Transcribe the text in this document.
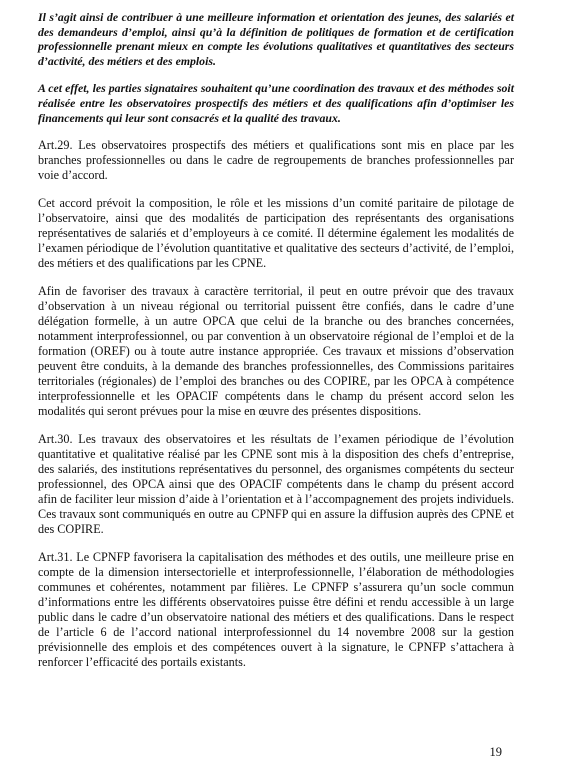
Il s’agit ainsi de contribuer à une meilleure information et orientation des jeunes, des salariés et des demandeurs d’emploi, ainsi qu’à la définition de politiques de formation et de certification professionnelle prenant mieux en compte les évolutions qualitatives et quantitatives des secteurs d’activité, des métiers et des emplois.

A cet effet, les parties signataires souhaitent qu’une coordination des travaux et des méthodes soit réalisée entre les observatoires prospectifs des métiers et des qualifications afin d’optimiser les financements qui leur sont consacrés et la qualité des travaux.

Art.29. Les observatoires prospectifs des métiers et qualifications sont mis en place par les branches professionnelles ou dans le cadre de regroupements de branches professionnelles par voie d’accord.

Cet accord prévoit la composition, le rôle et les missions d’un comité paritaire de pilotage de l’observatoire, ainsi que des modalités de participation des représentants des organisations représentatives de salariés et d’employeurs à ce comité. Il détermine également les modalités de l’examen périodique de l’évolution quantitative et qualitative des secteurs d’activité, de l’emploi, des métiers et des qualifications par les CPNE.

Afin de favoriser des travaux à caractère territorial, il peut en outre prévoir que des travaux d’observation à un niveau régional ou territorial puissent être confiés, dans le cadre d’une délégation formelle, à un autre OPCA que celui de la branche ou des branches concernées, notamment interprofessionnel, ou par convention à un observatoire régional de l’emploi et de la formation (OREF) ou à toute autre instance appropriée. Ces travaux et missions d’observation peuvent être conduits, à la demande des branches professionnelles, des Commissions paritaires territoriales (régionales) de l’emploi des branches ou des COPIRE, par les OPCA à compétence interprofessionnelle et les OPACIF compétents dans le champ du présent accord selon les modalités qui seront prévues pour la mise en œuvre des présentes dispositions.

Art.30. Les travaux des observatoires et les résultats de l’examen périodique de l’évolution quantitative et qualitative réalisé par les CPNE sont mis à la disposition des chefs d’entreprise, des salariés, des institutions représentatives du personnel, des organismes compétents du secteur professionnel, des OPCA ainsi que des OPACIF compétents dans le champ du présent accord afin de faciliter leur mission d’aide à l’orientation et à l’accompagnement des projets individuels. Ces travaux sont communiqués en outre au CPNFP qui en assure la diffusion auprès des CPNE et des COPIRE.

Art.31. Le CPNFP favorisera la capitalisation des méthodes et des outils, une meilleure prise en compte de la dimension intersectorielle et interprofessionnelle, l’élaboration de méthodologies communes et cohérentes, notamment par filières. Le CPNFP s’assurera qu’un socle commun d’informations entre les différents observatoires puisse être défini et rendu accessible à un large public dans le cadre d’un observatoire national des métiers et des qualifications. Dans le respect de l’article 6 de l’accord national interprofessionnel du 14 novembre 2008 sur la gestion prévisionnelle des emplois et des compétences ouvert à la signature, le CPNFP s’attachera à renforcer l’efficacité des portails existants.

19
